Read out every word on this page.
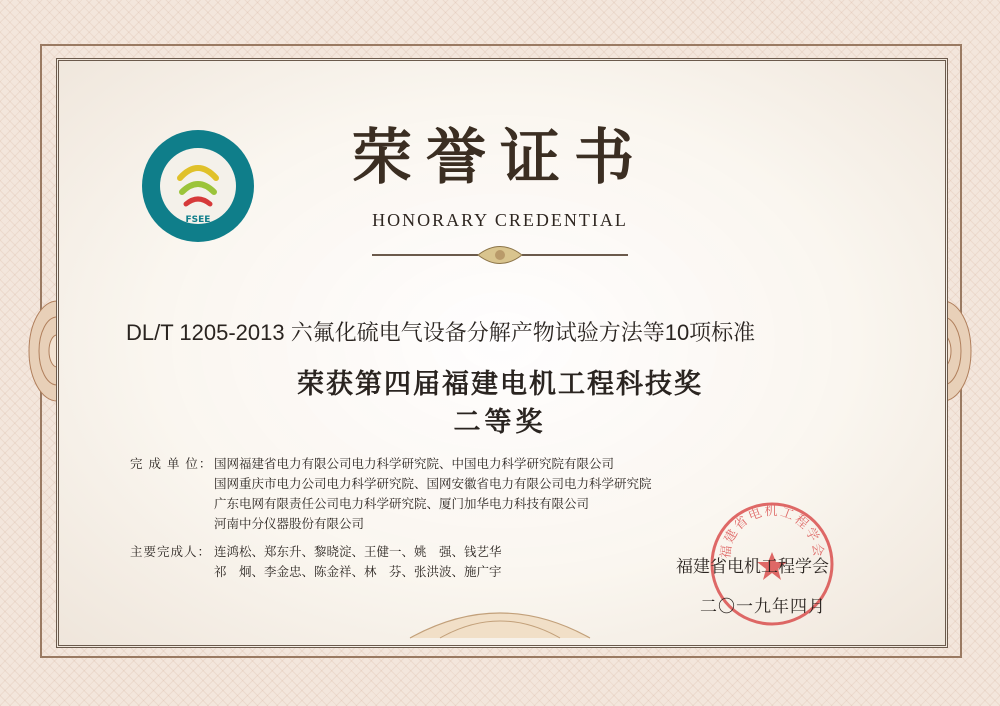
FSEE
荣誉证书
HONORARY CREDENTIAL
DL/T 1205-2013 六氟化硫电气设备分解产物试验方法等10项标准
荣获第四届福建电机工程科技奖
二等奖
完 成 单 位： 国网福建省电力有限公司电力科学研究院、中国电力科学研究院有限公司
国网重庆市电力公司电力科学研究院、国网安徽省电力有限公司电力科学研究院
广东电网有限责任公司电力科学研究院、厦门加华电力科技有限公司
河南中分仪器股份有限公司
主要完成人： 连鸿松、郑东升、黎晓淀、王健一、姚　强、钱艺华
祁　炯、李金忠、陈金祥、林　芬、张洪波、施广宇
福建省电机工程学会
福建省电机工程学会
二〇一九年四月
